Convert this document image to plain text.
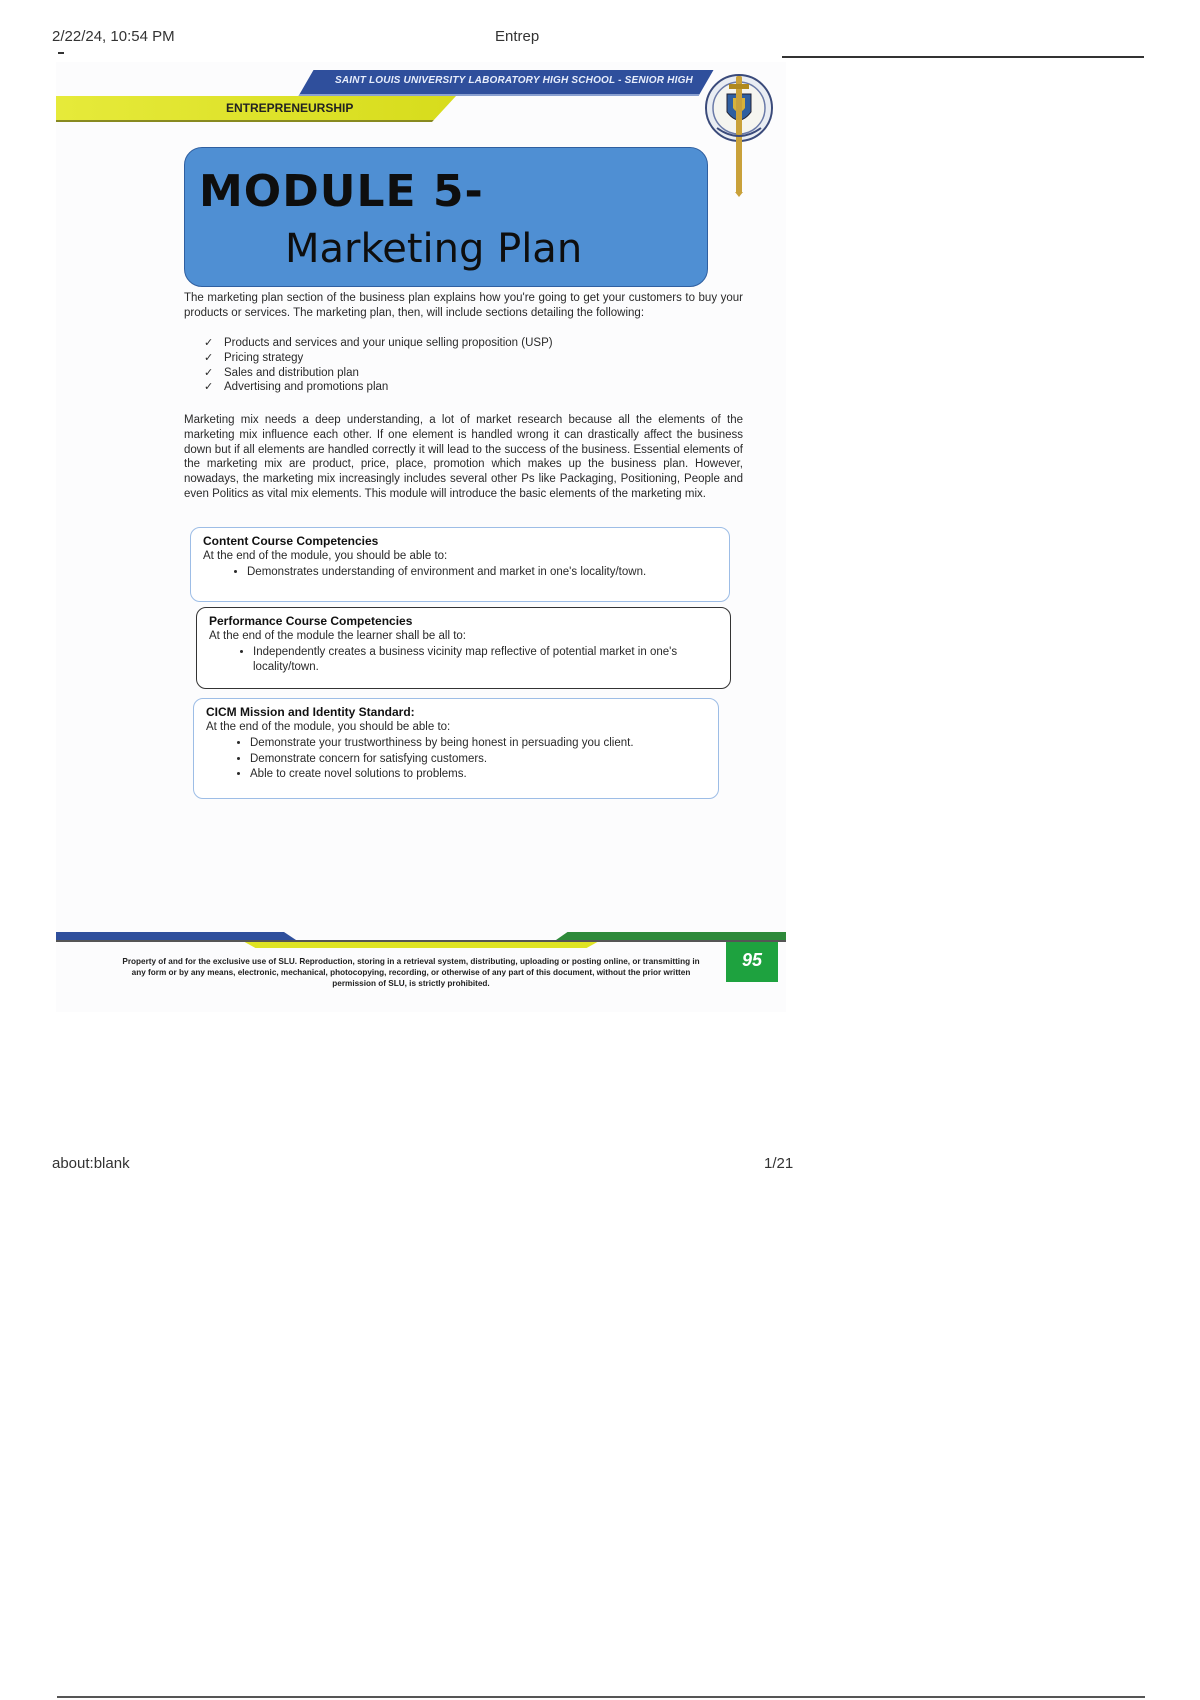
2/22/24, 10:54 PM	Entrep
SAINT LOUIS UNIVERSITY LABORATORY HIGH SCHOOL - SENIOR HIGH
ENTREPRENEURSHIP
MODULE 5-
Marketing Plan
The marketing plan section of the business plan explains how you're going to get your customers to buy your products or services. The marketing plan, then, will include sections detailing the following:
✓ Products and services and your unique selling proposition (USP)
✓ Pricing strategy
✓ Sales and distribution plan
✓ Advertising and promotions plan
Marketing mix needs a deep understanding, a lot of market research because all the elements of the marketing mix influence each other. If one element is handled wrong it can drastically affect the business down but if all elements are handled correctly it will lead to the success of the business. Essential elements of the marketing mix are product, price, place, promotion which makes up the business plan. However, nowadays, the marketing mix increasingly includes several other Ps like Packaging, Positioning, People and even Politics as vital mix elements. This module will introduce the basic elements of the marketing mix.
Content Course Competencies
At the end of the module, you should be able to:
• Demonstrates understanding of environment and market in one's locality/town.
Performance Course Competencies
At the end of the module the learner shall be all to:
• Independently creates a business vicinity map reflective of potential market in one's locality/town.
CICM Mission and Identity Standard:
At the end of the module, you should be able to:
• Demonstrate your trustworthiness by being honest in persuading you client.
• Demonstrate concern for satisfying customers.
• Able to create novel solutions to problems.
Property of and for the exclusive use of SLU. Reproduction, storing in a retrieval system, distributing, uploading or posting online, or transmitting in any form or by any means, electronic, mechanical, photocopying, recording, or otherwise of any part of this document, without the prior written permission of SLU, is strictly prohibited.
95
about:blank	1/21
